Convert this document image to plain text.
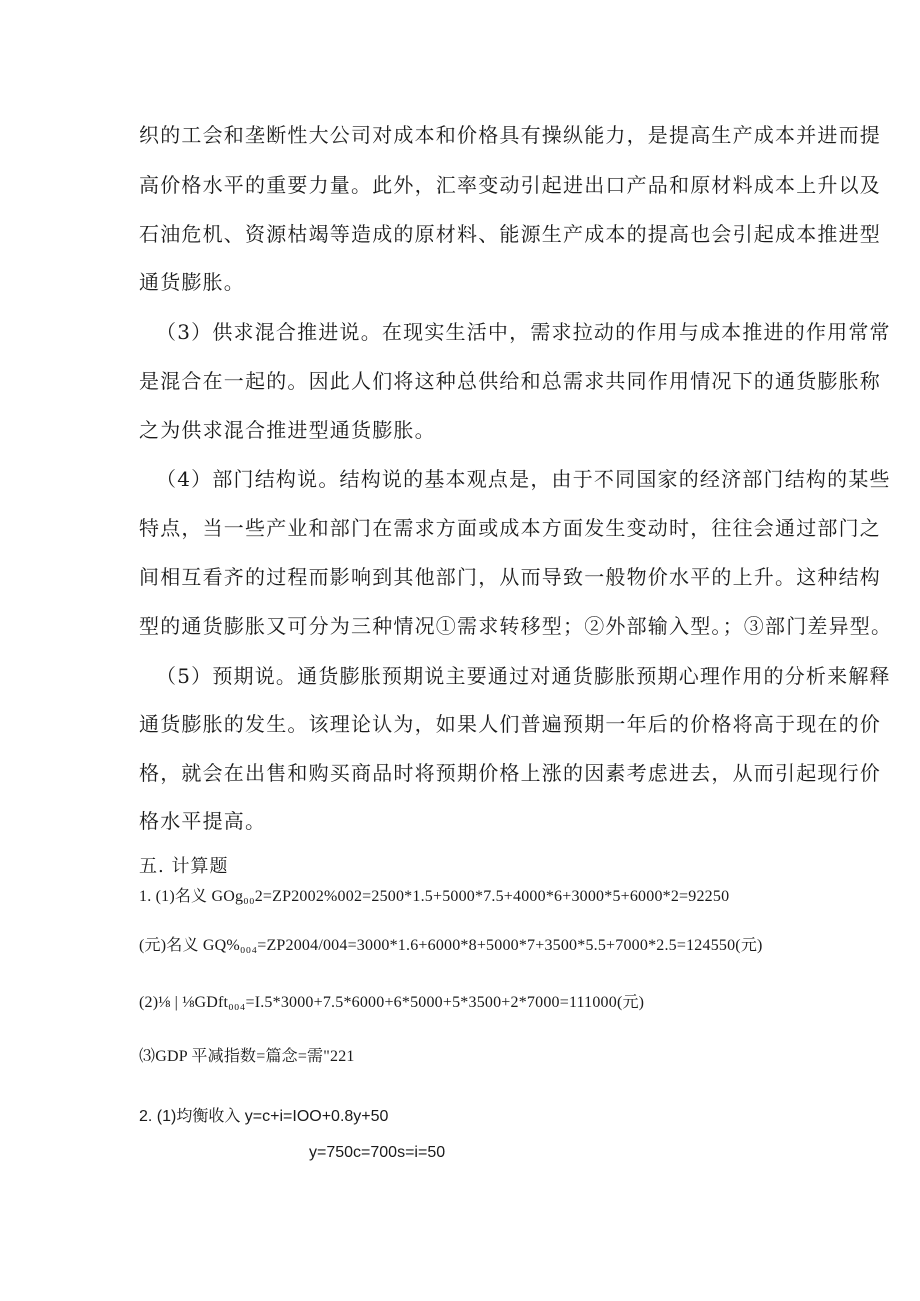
织的工会和垄断性大公司对成本和价格具有操纵能力，是提高生产成本并进而提
高价格水平的重要力量。此外，汇率变动引起进出口产品和原材料成本上升以及
石油危机、资源枯竭等造成的原材料、能源生产成本的提高也会引起成本推进型
通货膨胀。
（3）供求混合推进说。在现实生活中，需求拉动的作用与成本推进的作用常常
是混合在一起的。因此人们将这种总供给和总需求共同作用情况下的通货膨胀称
之为供求混合推进型通货膨胀。
（4）部门结构说。结构说的基本观点是，由于不同国家的经济部门结构的某些
特点，当一些产业和部门在需求方面或成本方面发生变动时，往往会通过部门之
间相互看齐的过程而影响到其他部门，从而导致一般物价水平的上升。这种结构
型的通货膨胀又可分为三种情况①需求转移型；②外部输入型。；③部门差异型。
（5）预期说。通货膨胀预期说主要通过对通货膨胀预期心理作用的分析来解释
通货膨胀的发生。该理论认为，如果人们普遍预期一年后的价格将高于现在的价
格，就会在出售和购买商品时将预期价格上涨的因素考虑进去，从而引起现行价
格水平提高。
五. 计算题
1. (1)名义 GOg₀₀2=ZP2002%002=2500*1.5+5000*7.5+4000*6+3000*5+6000*2=92250
(元)名义 GQ%₀₀₄=ZP2004/004=3000*1.6+6000*8+5000*7+3500*5.5+7000*2.5=124550(元)
(2)⅛ | ⅛GDft₀₀₄=I.5*3000+7.5*6000+6*5000+5*3500+2*7000=111000(元)
⑶GDP 平减指数=篇念=需"221
2. (1)均衡收入 y=c+i=IOO+0.8y+50
y=750c=700s=i=50
